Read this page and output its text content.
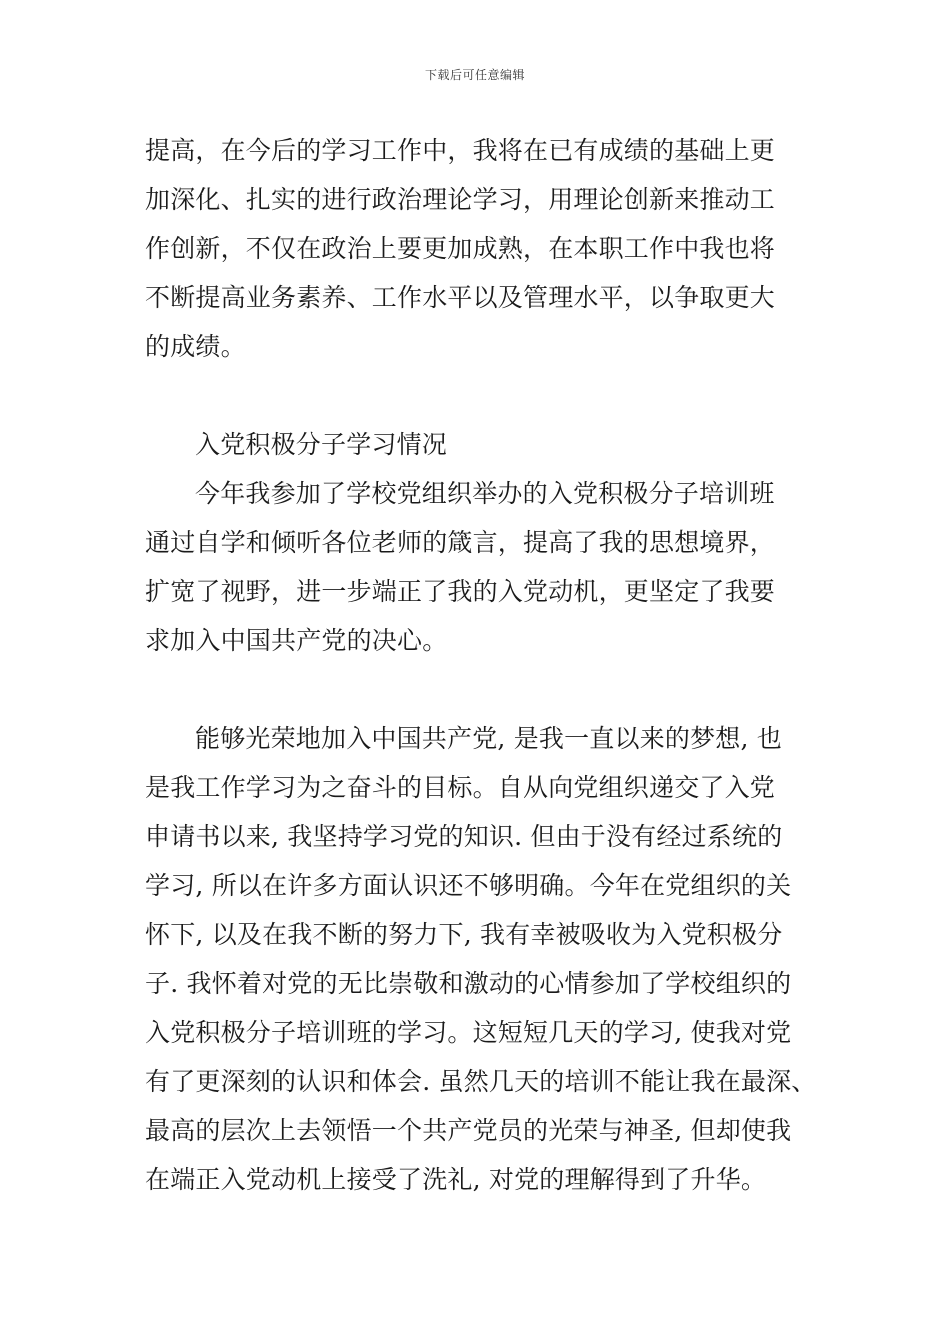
下载后可任意编辑
提高，在今后的学习工作中，我将在已有成绩的基础上更
加深化、扎实的进行政治理论学习，用理论创新来推动工
作创新，不仅在政治上要更加成熟，在本职工作中我也将
不断提高业务素养、工作水平以及管理水平，以争取更大
的成绩。
入党积极分子学习情况
今年我参加了学校党组织举办的入党积极分子培训班
通过自学和倾听各位老师的箴言，提高了我的思想境界，
扩宽了视野，进一步端正了我的入党动机，更坚定了我要
求加入中国共产党的决心。
能够光荣地加入中国共产党, 是我一直以来的梦想, 也
是我工作学习为之奋斗的目标。自从向党组织递交了入党
申请书以来, 我坚持学习党的知识. 但由于没有经过系统的
学习, 所以在许多方面认识还不够明确。今年在党组织的关
怀下, 以及在我不断的努力下, 我有幸被吸收为入党积极分
子. 我怀着对党的无比崇敬和激动的心情参加了学校组织的
入党积极分子培训班的学习。这短短几天的学习, 使我对党
有了更深刻的认识和体会. 虽然几天的培训不能让我在最深、
最高的层次上去领悟一个共产党员的光荣与神圣, 但却使我
在端正入党动机上接受了洗礼, 对党的理解得到了升华。
